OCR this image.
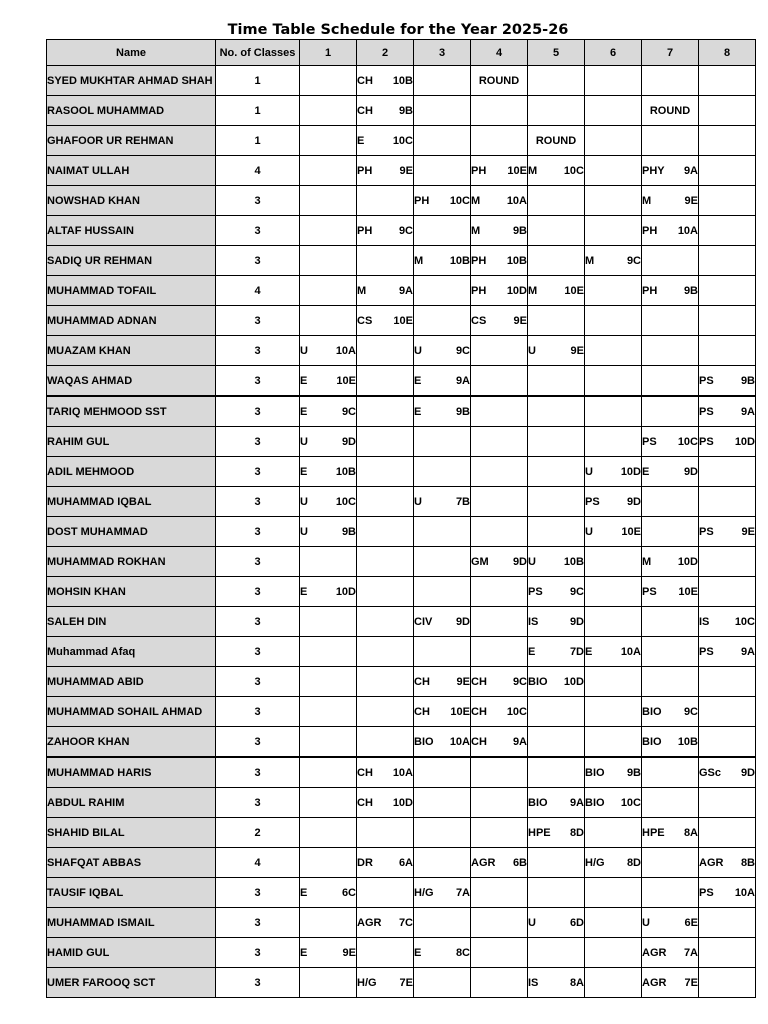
Time Table Schedule for the Year 2025-26
Name	No. of Classes	1	2	3	4	5	6	7	8
SYED MUKHTAR AHMAD SHAH	1		CH 10B		ROUND				

RASOOL MUHAMMAD	1		CH 9B					ROUND	

GHAFOOR UR REHMAN	1		E 10C			ROUND			

NAIMAT ULLAH	4		PH 9E		PH 10E	M 10C		PHY 9A	

NOWSHAD KHAN	3			PH 10C	M 10A			M 9E	

ALTAF HUSSAIN	3		PH 9C		M 9B			PH 10A	

SADIQ UR REHMAN	3			M 10B	PH 10B		M 9C		

MUHAMMAD TOFAIL	4		M 9A		PH 10D	M 10E		PH 9B	

MUHAMMAD ADNAN	3		CS 10E		CS 9E				

MUAZAM KHAN	3	U 10A		U 9C		U 9E			

WAQAS AHMAD	3	E 10E		E 9A					PS 9B

TARIQ MEHMOOD SST	3	E 9C		E 9B					PS 9A

RAHIM GUL	3	U 9D						PS 10C	PS 10D

ADIL MEHMOOD	3	E 10B					U 10D	E 9D	

MUHAMMAD IQBAL	3	U 10C		U 7B			PS 9D		

DOST MUHAMMAD	3	U 9B					U 10E		PS 9E

MUHAMMAD ROKHAN	3				GM 9D	U 10B		M 10D	

MOHSIN KHAN	3	E 10D				PS 9C		PS 10E	

SALEH DIN	3			CIV 9D		IS 9D			IS 10C

Muhammad Afaq	3					E 7D	E 10A		PS 9A

MUHAMMAD ABID	3			CH 9E	CH 9C	BIO 10D			

MUHAMMAD SOHAIL AHMAD	3			CH 10E	CH 10C			BIO 9C	

ZAHOOR KHAN	3			BIO 10A	CH 9A			BIO 10B	

MUHAMMAD HARIS	3		CH 10A				BIO 9B		GSc 9D

ABDUL RAHIM	3		CH 10D			BIO 9A	BIO 10C		

SHAHID BILAL	2					HPE 8D		HPE 8A	

SHAFQAT ABBAS	4		DR 6A		AGR 6B		H/G 8D		AGR 8B

TAUSIF IQBAL	3	E 6C		H/G 7A					PS 10A

MUHAMMAD ISMAIL	3		AGR 7C			U 6D		U 6E	

HAMID GUL	3	E 9E		E 8C				AGR 7A	

UMER FAROOQ SCT	3		H/G 7E			IS 8A		AGR 7E	
